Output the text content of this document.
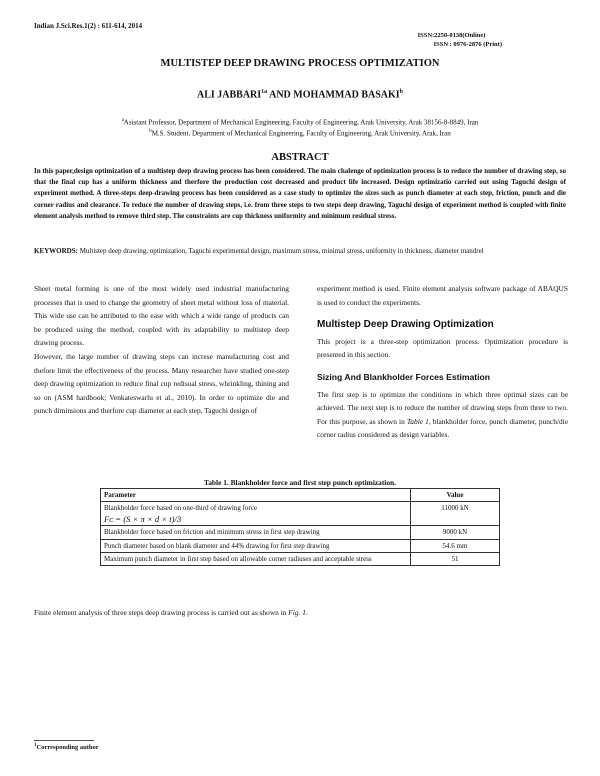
Indian J.Sci.Res.1(2) : 611-614, 2014
ISSN:2250-0138(Online)
ISSN : 0976-2876 (Print)
MULTISTEP DEEP DRAWING PROCESS OPTIMIZATION
ALI $JABBARI^{1a}$ AND MOHAMMAD BASAKI$^b$
$^a$Asistant Professor, Department of Mechanical Engineering, Faculty of Engineering, Arak University, Arak 38156-8-8849, Iran
$^b$M.S. Student, Department of Mechanical Engineering, Faculty of Engineering, Arak University, Arak, Iran
ABSTRACT
In this paper,design optimization of a multistep deep drawing process has been considered. The main chalenge of optimization process is to reduce the number of drawing step, so that the final cup has a uniform thickness and therfore the production cost decreased and product life increased. Design optimizatio carried out using Taguchi design of experiment method. A three-steps deep-drawing process has been considered as a case study to optimize the sizes such as punch diameter at each step, friction, punch and die corner radius and clearance. To reduce the number of drawing steps, i.e. from three steps to two steps deep drawing, Taguchi design of experiment method is coupled with finite element analysis method to remove third step. The constraints are cup thickness uniformity and minimum residual stress.
KEYWORDS: Multistep deep drawing, optimization, Taguchi experimental design, maximum stress, minimal stress, uniformity in thickness, diameter mandrel

Sheet metal forming is one of the most widely used industrial manufacturing processes that is used to change the geometry of sheet metal without loss of material. This wide use can be attributed to the ease with which a wide range of products can be produced using the method, coupled with its adaptability to multistep deep drawing process.

However, the large number of drawing steps can increse manufacturing cost and thefore limit the effectiveness of the process. Many researcher have studied one-step deep drawing optimization to reduce final cup redisual stress, whrinkling, thining and so on (ASM hardbook; Venkateswarlu et al., 2010). In order to optimize die and punch diminsions and therfore cup diameter at each step, Taguchi design of

experiment method is used. Finite element analysis software package of ABAQUS is used to conduct the experiments.

Multistep Deep Drawing Optimization

This project is a three-step optimization process. Optimization procedure is presented in this section.

Sizing And Blankholder Forces Estimation

The first step is to optimize the conditions in which three optimal sizes can be achieved. The next step is to reduce the number of drawing steps from three to two. For this purpose, as shown in Table 1, blankholder force, punch diameter, punch/die corner radius considered as design variables.

Table 1. Blankholder force and first step punch optimization.
Parameter	Value

Blankholder force based on one-third of drawing force
Fᴄ = (S × π × d × t)/3	11000 kN
Blankholder force based on friction and minimum stress in first step drawing	9000 kN
Punch diameter based on blank diameter and 44% drawing for first step drawing	54.6 mm
Maximum punch diameter in first step based on allowable corner radiuses and acceptable stress	51
Finite element analysis of three steps deep drawing process is carried out as shown in Fig. 1.
$^1$Corresponding author
